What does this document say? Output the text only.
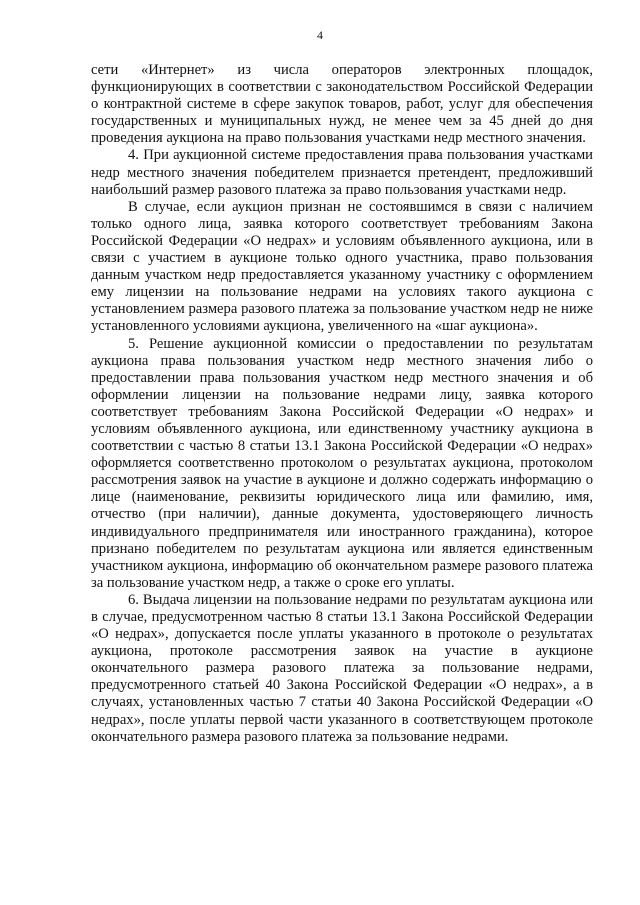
4

сети «Интернет» из числа операторов электронных площадок, функционирующих в соответствии с законодательством Российской Федерации о контрактной системе в сфере закупок товаров, работ, услуг для обеспечения государственных и муниципальных нужд, не менее чем за 45 дней до дня проведения аукциона на право пользования участками недр местного значения.

4. При аукционной системе предоставления права пользования участками недр местного значения победителем признается претендент, предложивший наибольший размер разового платежа за право пользования участками недр.

В случае, если аукцион признан не состоявшимся в связи с наличием только одного лица, заявка которого соответствует требованиям Закона Российской Федерации «О недрах» и условиям объявленного аукциона, или в связи с участием в аукционе только одного участника, право пользования данным участком недр предоставляется указанному участнику с оформлением ему лицензии на пользование недрами на условиях такого аукциона с установлением размера разового платежа за пользование участком недр не ниже установленного условиями аукциона, увеличенного на «шаг аукциона».

5. Решение аукционной комиссии о предоставлении по результатам аукциона права пользования участком недр местного значения либо о предоставлении права пользования участком недр местного значения и об оформлении лицензии на пользование недрами лицу, заявка которого соответствует требованиям Закона Российской Федерации «О недрах» и условиям объявленного аукциона, или единственному участнику аукциона в соответствии с частью 8 статьи 13.1 Закона Российской Федерации «О недрах» оформляется соответственно протоколом о результатах аукциона, протоколом рассмотрения заявок на участие в аукционе и должно содержать информацию о лице (наименование, реквизиты юридического лица или фамилию, имя, отчество (при наличии), данные документа, удостоверяющего личность индивидуального предпринимателя или иностранного гражданина), которое признано победителем по результатам аукциона или является единственным участником аукциона, информацию об окончательном размере разового платежа за пользование участком недр, а также о сроке его уплаты.

6. Выдача лицензии на пользование недрами по результатам аукциона или в случае, предусмотренном частью 8 статьи 13.1 Закона Российской Федерации «О недрах», допускается после уплаты указанного в протоколе о результатах аукциона, протоколе рассмотрения заявок на участие в аукционе окончательного размера разового платежа за пользование недрами, предусмотренного статьей 40 Закона Российской Федерации «О недрах», а в случаях, установленных частью 7 статьи 40 Закона Российской Федерации «О недрах», после уплаты первой части указанного в соответствующем протоколе окончательного размера разового платежа за пользование недрами.
